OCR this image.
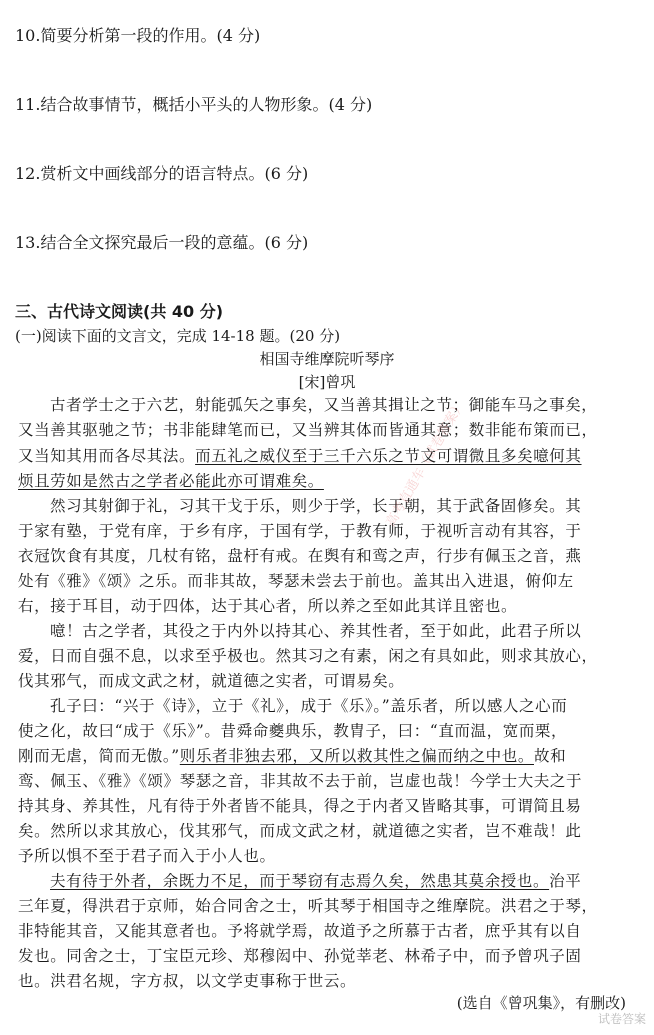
10.简要分析第一段的作用。(4 分)
11.结合故事情节，概括小平头的人物形象。(4 分)
12.赏析文中画线部分的语言特点。(6 分)
13.结合全文探究最后一段的意蕴。(6 分)
三、古代诗文阅读(共 40 分)
(一)阅读下面的文言文，完成 14-18 题。(20 分)
相国寺维摩院听琴序
[宋]曾巩
古者学士之于六艺，射能弧矢之事矣，又当善其揖让之节；御能车马之事矣，
又当善其驱驰之节；书非能肆笔而已，又当辨其体而皆通其意；数非能布策而已，
又当知其用而各尽其法。而五礼之威仪至于三千六乐之节文可谓微且多矣噫何其
烦且劳如是然古之学者必能此亦可谓难矣。
然习其射御于礼，习其干戈于乐，则少于学，长于朝，其于武备固修矣。其
于家有塾，于党有庠，于乡有序，于国有学，于教有师，于视听言动有其容，于
衣冠饮食有其度，几杖有铭，盘杅有戒。在舆有和鸾之声，行步有佩玉之音，燕
处有《雅》《颂》之乐。而非其故，琴瑟未尝去于前也。盖其出入进退，俯仰左
右，接于耳目，动于四体，达于其心者，所以养之至如此其详且密也。
噫！古之学者，其役之于内外以持其心、养其性者，至于如此，此君子所以
爱，日而自强不息，以求至乎极也。然其习之有素，闲之有具如此，则求其放心，
伐其邪气，而成文武之材，就道德之实者，可谓易矣。
孔子曰：“兴于《诗》，立于《礼》，成于《乐》。”盖乐者，所以感人之心而
使之化，故曰“成于《乐》”。昔舜命夔典乐，教胄子，曰：“直而温，宽而栗，
刚而无虐，简而无傲。”则乐者非独去邪，又所以救其性之偏而纳之中也。故和
鸾、佩玉、《雅》《颂》琴瑟之音，非其故不去于前，岂虚也哉！今学士大夫之于
持其身、养其性，凡有待于外者皆不能具，得之于内者又皆略其事，可谓简且易
矣。然所以求其放心，伐其邪气，而成文武之材，就道德之实者，岂不难哉！此
予所以惧不至于君子而入于小人也。
夫有待于外者，余既力不足，而于琴窃有志焉久矣，然患其莫余授也。治平
三年夏，得洪君于京师，始合同舍之士，听其琴于相国寺之维摩院。洪君之于琴，
非特能其音，又能其意者也。予将就学焉，故道予之所慕于古者，庶乎其有以自
发也。同舍之士，丁宝臣元珍、郑穆闳中、孙觉莘老、林希子中，而予曾巩子固
也。洪君名规，字方叔，以文学吏事称于世云。
(选自《曾巩集》，有删改)
高考直通车（试卷答案）
试卷答案
